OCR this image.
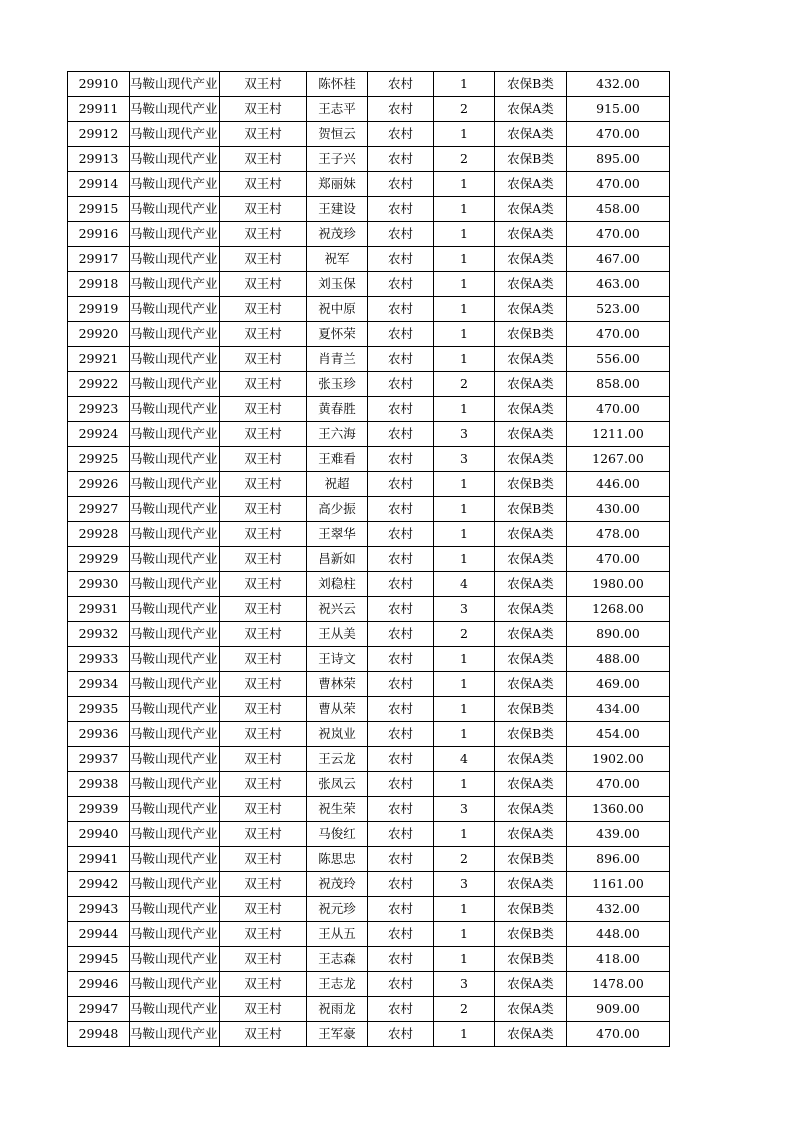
29910	马鞍山现代产业	双王村	陈怀桂	农村	1	农保B类	432.00
29911	马鞍山现代产业	双王村	王志平	农村	2	农保A类	915.00
29912	马鞍山现代产业	双王村	贺恒云	农村	1	农保A类	470.00
29913	马鞍山现代产业	双王村	王子兴	农村	2	农保B类	895.00
29914	马鞍山现代产业	双王村	郑丽妹	农村	1	农保A类	470.00
29915	马鞍山现代产业	双王村	王建设	农村	1	农保A类	458.00
29916	马鞍山现代产业	双王村	祝茂珍	农村	1	农保A类	470.00
29917	马鞍山现代产业	双王村	祝军	农村	1	农保A类	467.00
29918	马鞍山现代产业	双王村	刘玉保	农村	1	农保A类	463.00
29919	马鞍山现代产业	双王村	祝中原	农村	1	农保A类	523.00
29920	马鞍山现代产业	双王村	夏怀荣	农村	1	农保B类	470.00
29921	马鞍山现代产业	双王村	肖青兰	农村	1	农保A类	556.00
29922	马鞍山现代产业	双王村	张玉珍	农村	2	农保A类	858.00
29923	马鞍山现代产业	双王村	黄春胜	农村	1	农保A类	470.00
29924	马鞍山现代产业	双王村	王六海	农村	3	农保A类	1211.00
29925	马鞍山现代产业	双王村	王难看	农村	3	农保A类	1267.00
29926	马鞍山现代产业	双王村	祝超	农村	1	农保B类	446.00
29927	马鞍山现代产业	双王村	高少振	农村	1	农保B类	430.00
29928	马鞍山现代产业	双王村	王翠华	农村	1	农保A类	478.00
29929	马鞍山现代产业	双王村	昌新如	农村	1	农保A类	470.00
29930	马鞍山现代产业	双王村	刘稳柱	农村	4	农保A类	1980.00
29931	马鞍山现代产业	双王村	祝兴云	农村	3	农保A类	1268.00
29932	马鞍山现代产业	双王村	王从美	农村	2	农保A类	890.00
29933	马鞍山现代产业	双王村	王诗文	农村	1	农保A类	488.00
29934	马鞍山现代产业	双王村	曹林荣	农村	1	农保A类	469.00
29935	马鞍山现代产业	双王村	曹从荣	农村	1	农保B类	434.00
29936	马鞍山现代产业	双王村	祝岚业	农村	1	农保B类	454.00
29937	马鞍山现代产业	双王村	王云龙	农村	4	农保A类	1902.00
29938	马鞍山现代产业	双王村	张凤云	农村	1	农保A类	470.00
29939	马鞍山现代产业	双王村	祝生荣	农村	3	农保A类	1360.00
29940	马鞍山现代产业	双王村	马俊红	农村	1	农保A类	439.00
29941	马鞍山现代产业	双王村	陈思忠	农村	2	农保B类	896.00
29942	马鞍山现代产业	双王村	祝茂玲	农村	3	农保A类	1161.00
29943	马鞍山现代产业	双王村	祝元珍	农村	1	农保B类	432.00
29944	马鞍山现代产业	双王村	王从五	农村	1	农保B类	448.00
29945	马鞍山现代产业	双王村	王志森	农村	1	农保B类	418.00
29946	马鞍山现代产业	双王村	王志龙	农村	3	农保A类	1478.00
29947	马鞍山现代产业	双王村	祝雨龙	农村	2	农保A类	909.00
29948	马鞍山现代产业	双王村	王军豪	农村	1	农保A类	470.00
